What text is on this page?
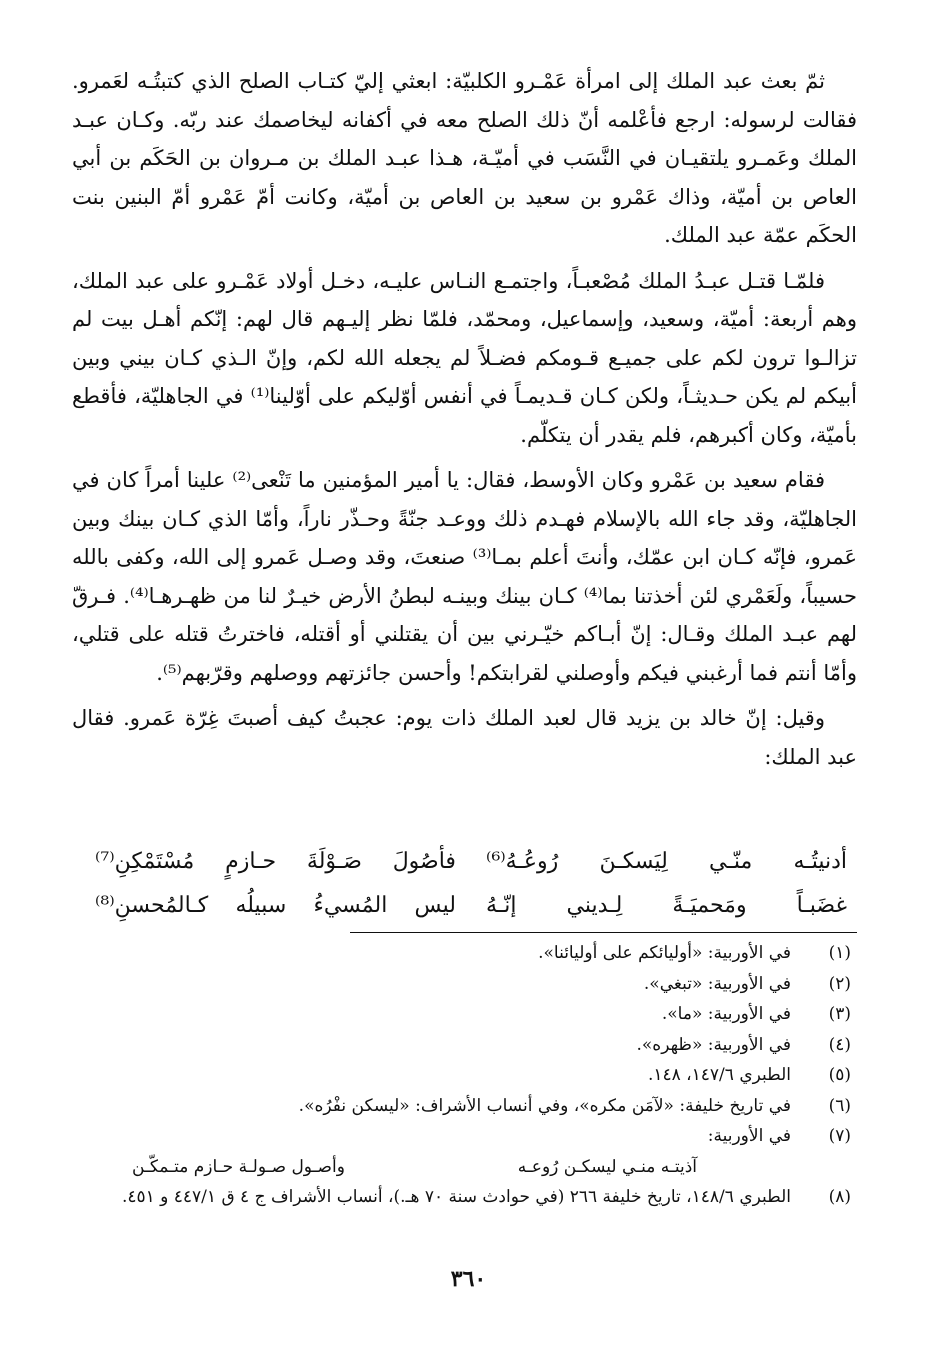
ثمّ بعث عبد الملك إلى امرأة عَمْـرو الكلبيّة: ابعثي إليّ كتـاب الصلح الذي كتبتُـه لعَمرو. فقالت لرسوله: ارجع فأعْلمه أنّ ذلك الصلح معه في أكفانه ليخاصمك عند ربّه. وكـان عبـد الملك وعَمـرو يلتقيـان في النَّسَب في أميّـة، هـذا عبـد الملك بن مـروان بن الحَكَم بن أبي العاص بن أميّة، وذاك عَمْرو بن سعيد بن العاص بن أميّة، وكانت أمّ عَمْرو أمّ البنين بنت الحكَم عمّة عبد الملك.

فلمّـا قتـل عبـدُ الملك مُصْعبـاً، واجتمـع النـاس عليـه، دخـل أولاد عَمْـرو على عبد الملك، وهم أربعة: أميّة، وسعيد، وإسماعيل، ومحمّد، فلمّا نظر إليـهم قال لهم: إنّكم أهـل بيت لم تزالـوا ترون لكم على جميـع قـومكم فضـلاً لم يجعله الله لكم، وإنّ الـذي كـان بيني وبين أبيكم لم يكن حـديثـاً، ولكن كـان قـديمـاً في أنفس أوّليكم على أوّلينا⁽¹⁾ في الجاهليّة، فأقطع بأميّة، وكان أكبرهم، فلم يقدر أن يتكلّم.

فقام سعيد بن عَمْرو وكان الأوسط، فقال: يا أمير المؤمنين ما تَنْعى⁽²⁾ علينا أمراً كان في الجاهليّة، وقد جاء الله بالإسلام فهـدم ذلك ووعـد جنّةً وحـذّر ناراً، وأمّا الذي كـان بينك وبين عَمرو، فإنّه كـان ابن عمّك، وأنتَ أعلم بمـا⁽³⁾ صنعتَ، وقد وصـل عَمرو إلى الله، وكفى بالله حسيباً، ولَعَمْري لئن أخذتنا بما⁽⁴⁾ كـان بينك وبينـه لبطنُ الأرض خيـرٌ لنا من ظهـرهـا⁽⁴⁾. فـرقّ لهم عبـد الملك وقـال: إنّ أبـاكم خيّـرني بين أن يقتلني أو أقتله، فاخترتُ قتله على قتلي، وأمّا أنتم فما أرغبني فيكم وأوصلني لقرابتكم! وأحسن جائزتهم ووصلهم وقرّبهم⁽⁵⁾.

وقيل: إنّ خالد بن يزيد قال لعبد الملك ذات يوم: عجبتُ كيف أصبتَ غِرّة عَمرو. فقال عبد الملك:

أدنيتُـه منّـي لِيَسكـنَ رُوعُـهُ⁽⁶⁾
فأصُولَ صَـوْلَةَ حـازمٍ مُسْتَمْكِنِ⁽⁷⁾
غضَبـاً ومَحميَـةً لِـديني إنّـهُ
ليس المُسيءُ سبيلُه كـالمُحسنِ⁽⁸⁾
(١)
في الأوربية: «أوليائكم على أوليائنا».
(٢)
في الأوربية: «تبغي».
(٣)
في الأوربية: «ما».
(٤)
في الأوربية: «ظهره».
(٥)
الطبري ١٤٧/٦، ١٤٨.
(٦)
في تاريخ خليفة: «لآمَن مكره»، وفي أنساب الأشراف: «ليسكن نفْرُه».
(٧)
في الأوربية:
آذيتـه منـي ليسكـن رُوعـه
وأصـول صـولـة حـازم متـمكّـن
(٨)
الطبري ١٤٨/٦، تاريخ خليفة ٢٦٦ (في حوادث سنة ٧٠ هـ.)، أنساب الأشراف ج ٤ ق ٤٤٧/١ و ٤٥١.
٣٦٠
